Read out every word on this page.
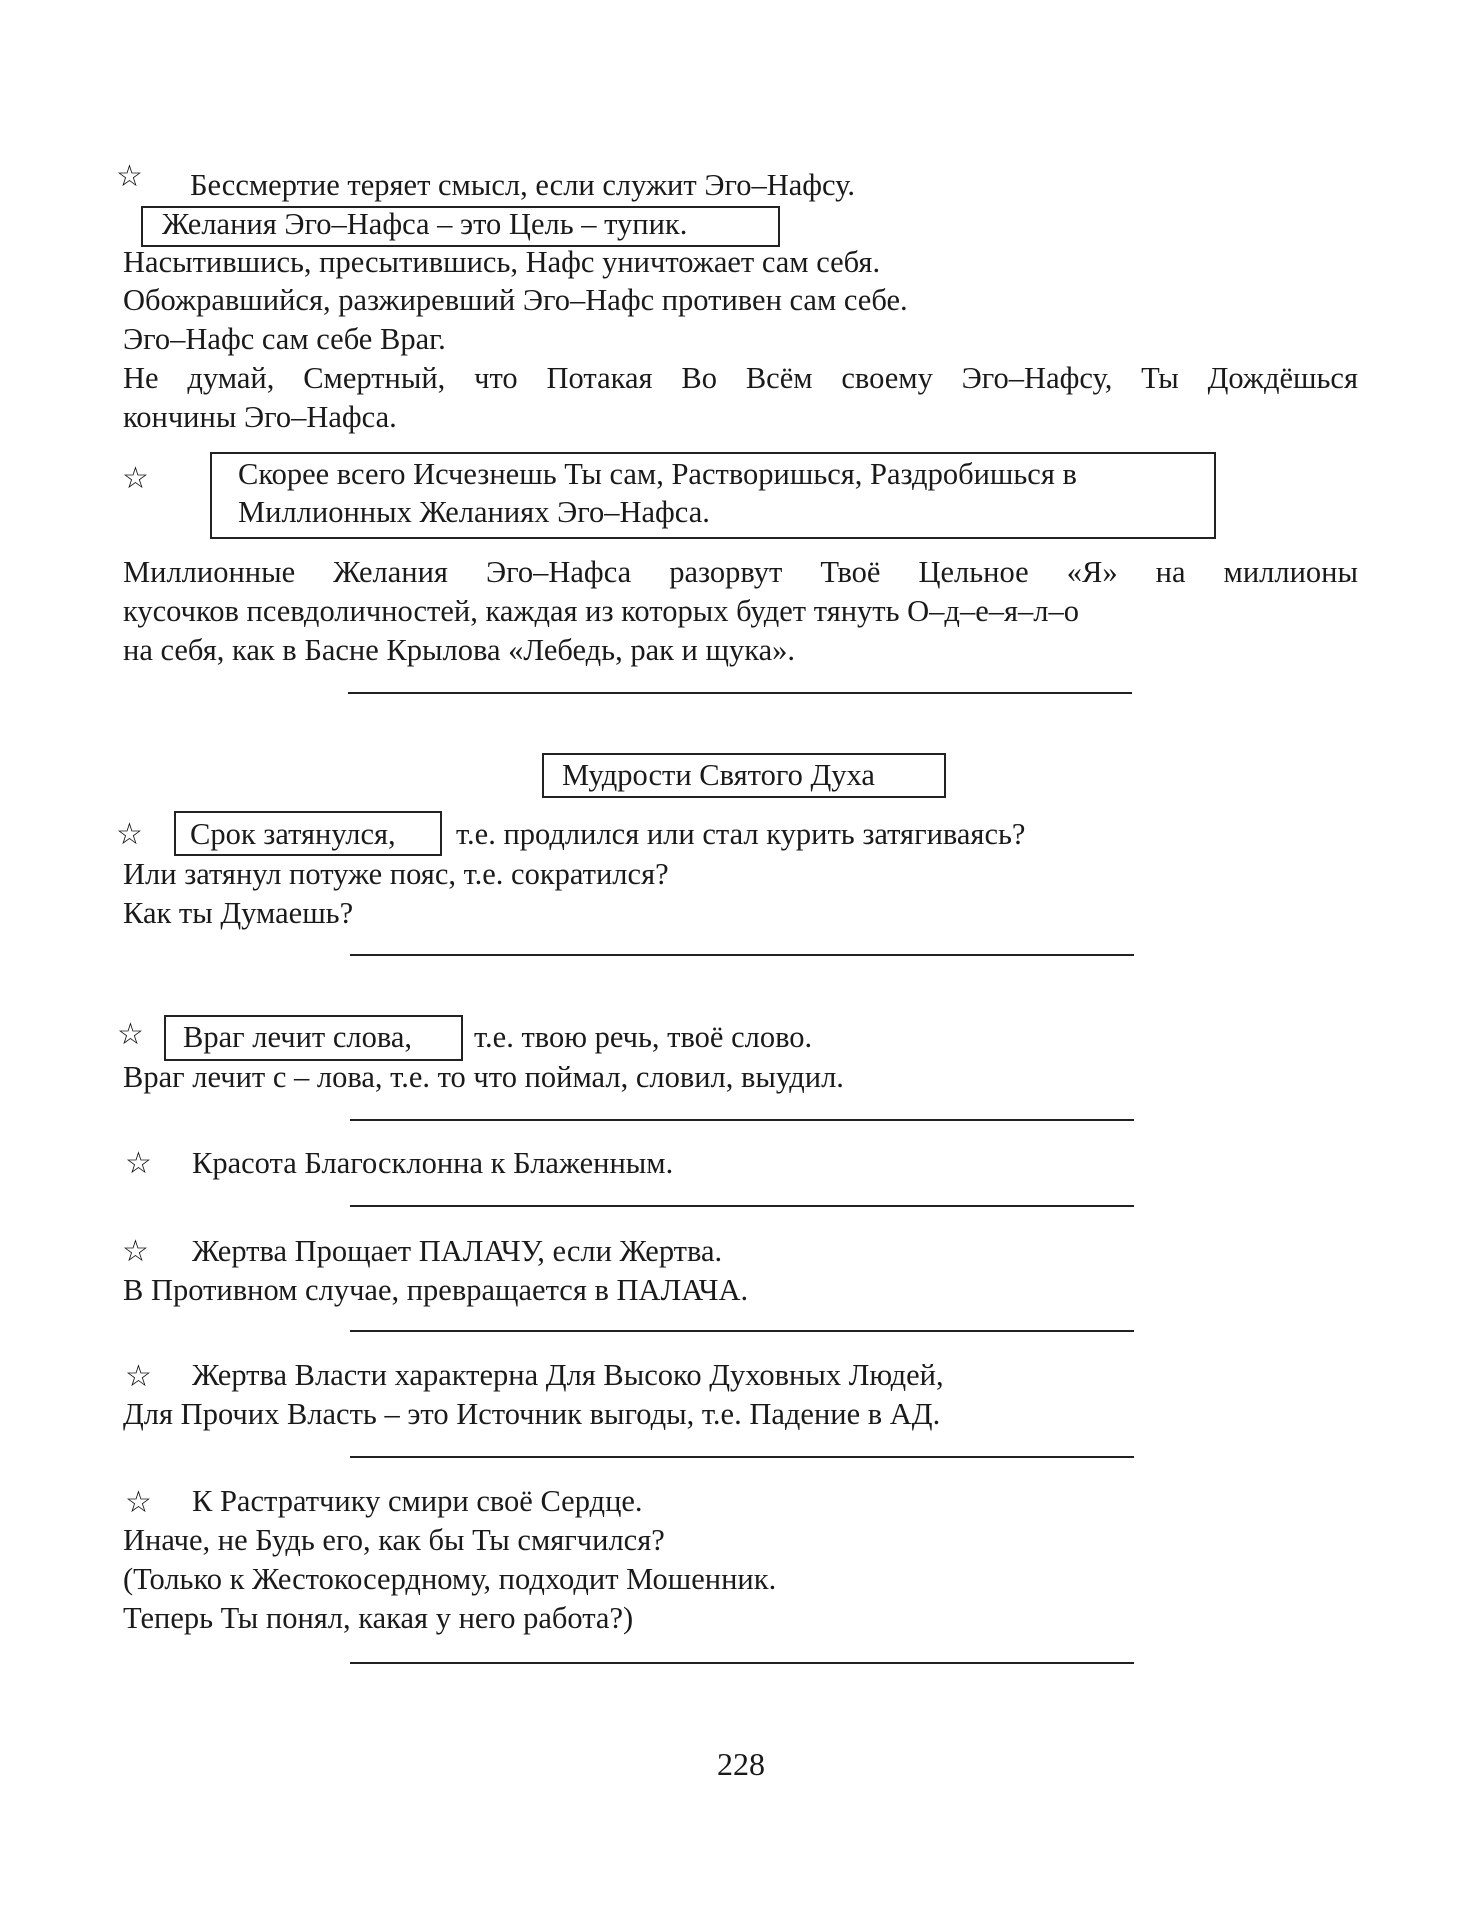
☆ Бессмертие теряет смысл, если служит Эго–Нафсу.
Желания Эго–Нафса – это Цель – тупик.
Насытившись, пресытившись, Нафс уничтожает сам себя.
Обожравшийся, разжиревший Эго–Нафс противен сам себе.
Эго–Нафс сам себе Враг.
Не думай, Смертный, что Потакая Во Всём своему Эго–Нафсу, Ты Дождёшься
кончины Эго–Нафса.
☆	Скорее всего Исчезнешь Ты сам, Растворишься, Раздробишься в
Миллионных Желаниях Эго–Нафса.
Миллионные Желания Эго–Нафса разорвут Твоё Цельное «Я» на миллионы
кусочков псевдоличностей, каждая из которых будет тянуть О–д–е–я–л–о
на себя, как в Басне Крылова «Лебедь, рак и щука».
Мудрости Святого Духа
☆ Срок затянулся, т.е. продлился или стал курить затягиваясь?
Или затянул потуже пояс, т.е. сократился?
Как ты Думаешь?
☆ Враг лечит слова, т.е. твою речь, твоё слово.
Враг лечит с – лова, т.е. то что поймал, словил, выудил.
☆ Красота Благосклонна к Блаженным.
☆ Жертва Прощает ПАЛАЧУ, если Жертва.
В Противном случае, превращается в ПАЛАЧА.
☆ Жертва Власти характерна Для Высоко Духовных Людей,
Для Прочих Власть – это Источник выгоды, т.е. Падение в АД.
☆ К Растратчику смири своё Сердце.
Иначе, не Будь его, как бы Ты смягчился?
(Только к Жестокосердному, подходит Мошенник.
Теперь Ты понял, какая у него работа?)
228
